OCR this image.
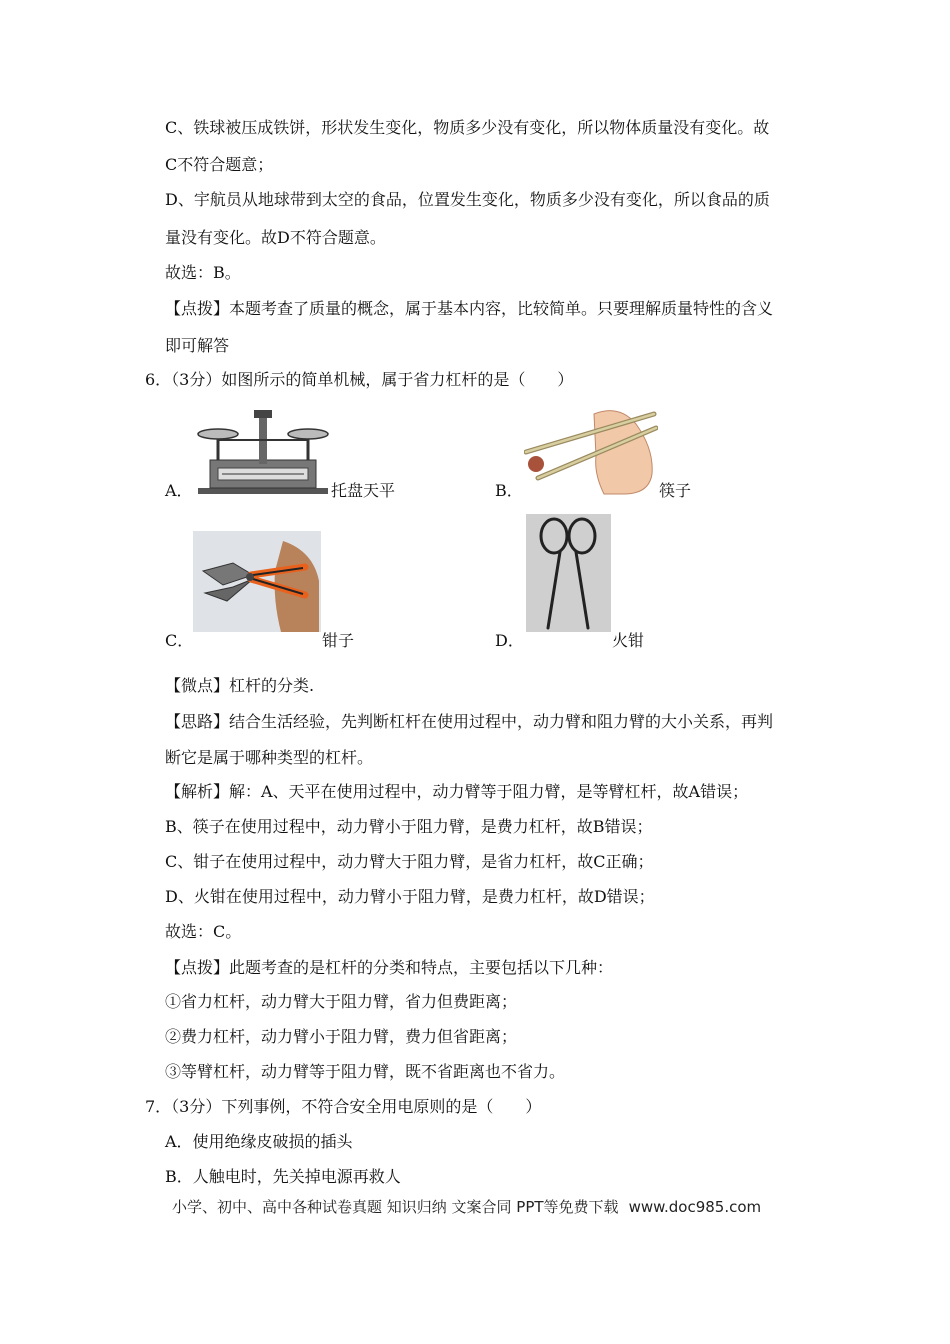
C、铁球被压成铁饼，形状发生变化，物质多少没有变化，所以物体质量没有变化。故
C不符合题意；
D、宇航员从地球带到太空的食品，位置发生变化，物质多少没有变化，所以食品的质
量没有变化。故D不符合题意。
故选：B。
【点拨】本题考查了质量的概念，属于基本内容，比较简单。只要理解质量特性的含义
即可解答
6．（3分）如图所示的简单机械，属于省力杠杆的是（　　）
A．	托盘天平	B．	筷子
C．	钳子	D．	火钳
【微点】杠杆的分类.
【思路】结合生活经验，先判断杠杆在使用过程中，动力臂和阻力臂的大小关系，再判
断它是属于哪种类型的杠杆。
【解析】解：A、天平在使用过程中，动力臂等于阻力臂，是等臂杠杆，故A错误；
B、筷子在使用过程中，动力臂小于阻力臂，是费力杠杆，故B错误；
C、钳子在使用过程中，动力臂大于阻力臂，是省力杠杆，故C正确；
D、火钳在使用过程中，动力臂小于阻力臂，是费力杠杆，故D错误；
故选：C。
【点拨】此题考查的是杠杆的分类和特点，主要包括以下几种：
①省力杠杆，动力臂大于阻力臂，省力但费距离；
②费力杠杆，动力臂小于阻力臂，费力但省距离；
③等臂杠杆，动力臂等于阻力臂，既不省距离也不省力。
7．（3分）下列事例，不符合安全用电原则的是（　　）
A．使用绝缘皮破损的插头
B．人触电时，先关掉电源再救人
小学、初中、高中各种试卷真题 知识归纳 文案合同 PPT等免费下载 www.doc985.com
